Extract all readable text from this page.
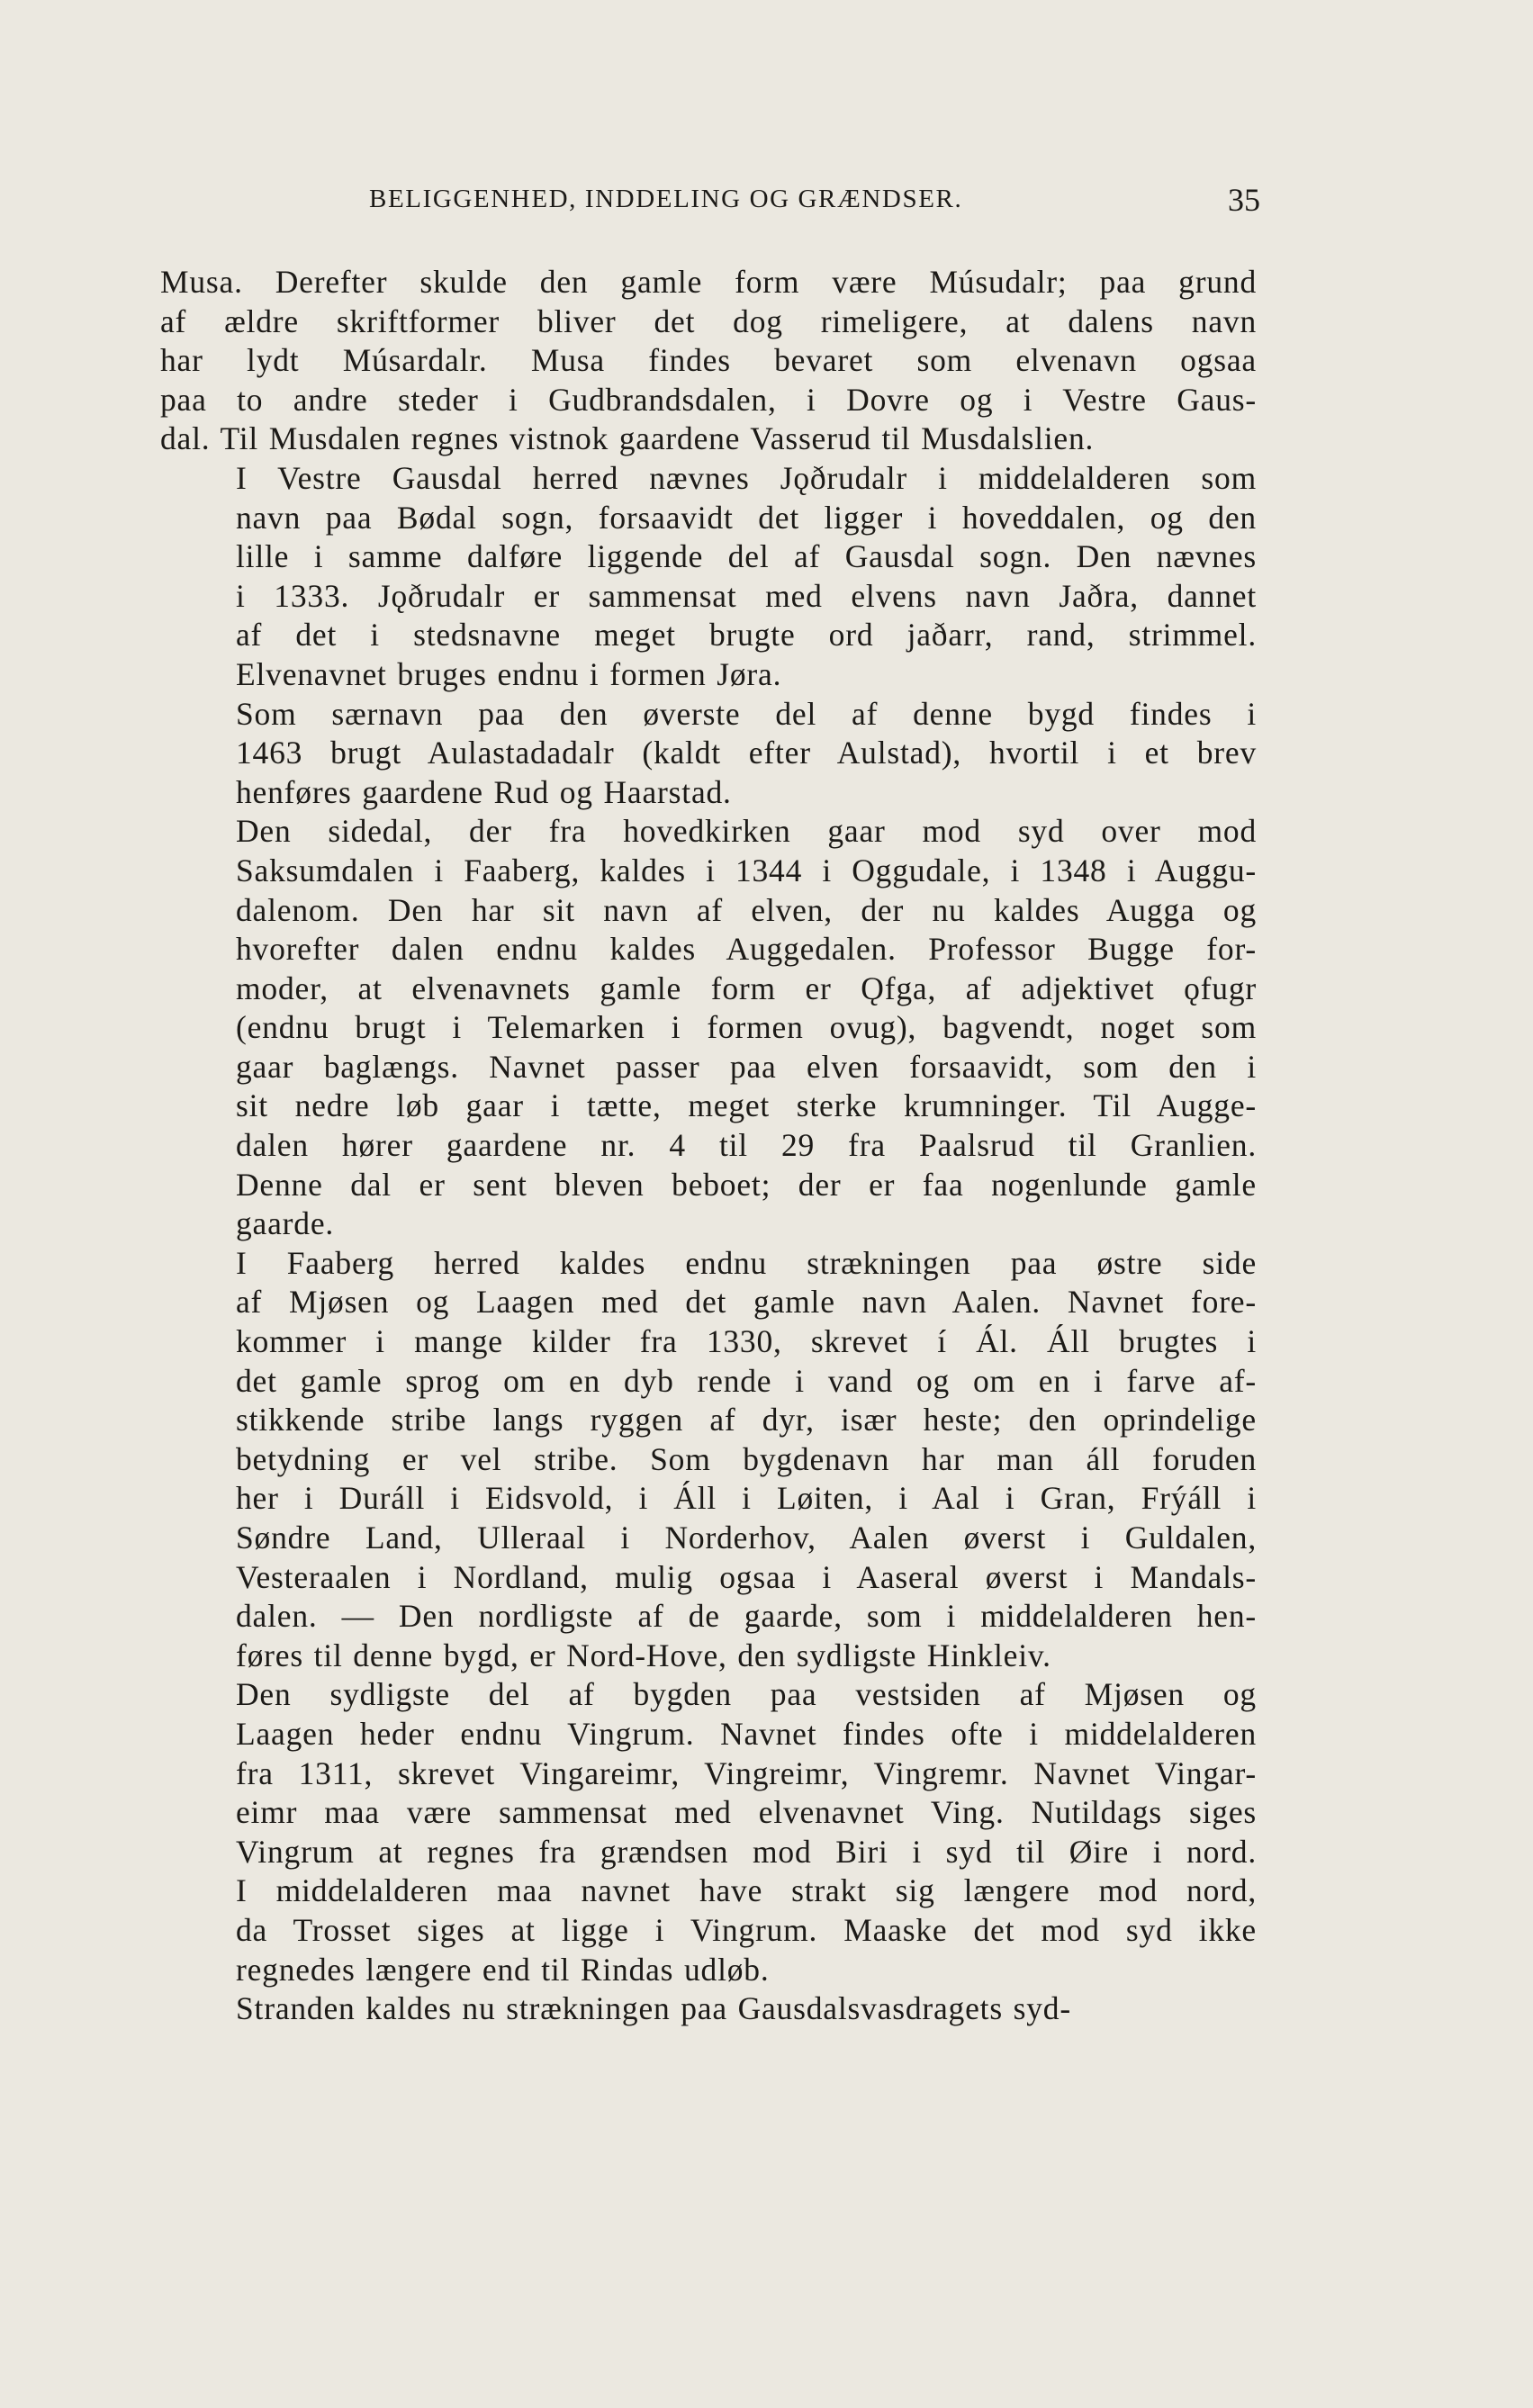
BELIGGENHED, INDDELING OG GRÆNDSER.	35

Musa. Derefter skulde den gamle form være Músudalr; paa grund
af ældre skriftformer bliver det dog rimeligere, at dalens navn
har lydt Músardalr. Musa findes bevaret som elvenavn ogsaa
paa to andre steder i Gudbrandsdalen, i Dovre og i Vestre Gaus-
dal. Til Musdalen regnes vistnok gaardene Vasserud til Musdalslien.

I Vestre Gausdal herred nævnes Jǫðrudalr i middelalderen som
navn paa Bødal sogn, forsaavidt det ligger i hoveddalen, og den
lille i samme dalføre liggende del af Gausdal sogn. Den nævnes
i 1333. Jǫðrudalr er sammensat med elvens navn Jaðra, dannet
af det i stedsnavne meget brugte ord jaðarr, rand, strimmel.
Elvenavnet bruges endnu i formen Jøra.

Som særnavn paa den øverste del af denne bygd findes i
1463 brugt Aulastadadalr (kaldt efter Aulstad), hvortil i et brev
henføres gaardene Rud og Haarstad.

Den sidedal, der fra hovedkirken gaar mod syd over mod
Saksumdalen i Faaberg, kaldes i 1344 i Oggudale, i 1348 i Auggu-
dalenom. Den har sit navn af elven, der nu kaldes Augga og
hvorefter dalen endnu kaldes Auggedalen. Professor Bugge for-
moder, at elvenavnets gamle form er Ǫfga, af adjektivet ǫfugr
(endnu brugt i Telemarken i formen ovug), bagvendt, noget som
gaar baglængs. Navnet passer paa elven forsaavidt, som den i
sit nedre løb gaar i tætte, meget sterke krumninger. Til Augge-
dalen hører gaardene nr. 4 til 29 fra Paalsrud til Granlien.
Denne dal er sent bleven beboet; der er faa nogenlunde gamle
gaarde.

I Faaberg herred kaldes endnu strækningen paa østre side
af Mjøsen og Laagen med det gamle navn Aalen. Navnet fore-
kommer i mange kilder fra 1330, skrevet í Ál. Áll brugtes i
det gamle sprog om en dyb rende i vand og om en i farve af-
stikkende stribe langs ryggen af dyr, især heste; den oprindelige
betydning er vel stribe. Som bygdenavn har man áll foruden
her i Duráll i Eidsvold, i Áll i Løiten, i Aal i Gran, Frýáll i
Søndre Land, Ulleraal i Norderhov, Aalen øverst i Guldalen,
Vesteraalen i Nordland, mulig ogsaa i Aaseral øverst i Mandals-
dalen. — Den nordligste af de gaarde, som i middelalderen hen-
føres til denne bygd, er Nord-Hove, den sydligste Hinkleiv.

Den sydligste del af bygden paa vestsiden af Mjøsen og
Laagen heder endnu Vingrum. Navnet findes ofte i middelalderen
fra 1311, skrevet Vingareimr, Vingreimr, Vingremr. Navnet Vingar-
eimr maa være sammensat med elvenavnet Ving. Nutildags siges
Vingrum at regnes fra grændsen mod Biri i syd til Øire i nord.
I middelalderen maa navnet have strakt sig længere mod nord,
da Trosset siges at ligge i Vingrum. Maaske det mod syd ikke
regnedes længere end til Rindas udløb.

Stranden kaldes nu strækningen paa Gausdalsvasdragets syd-
